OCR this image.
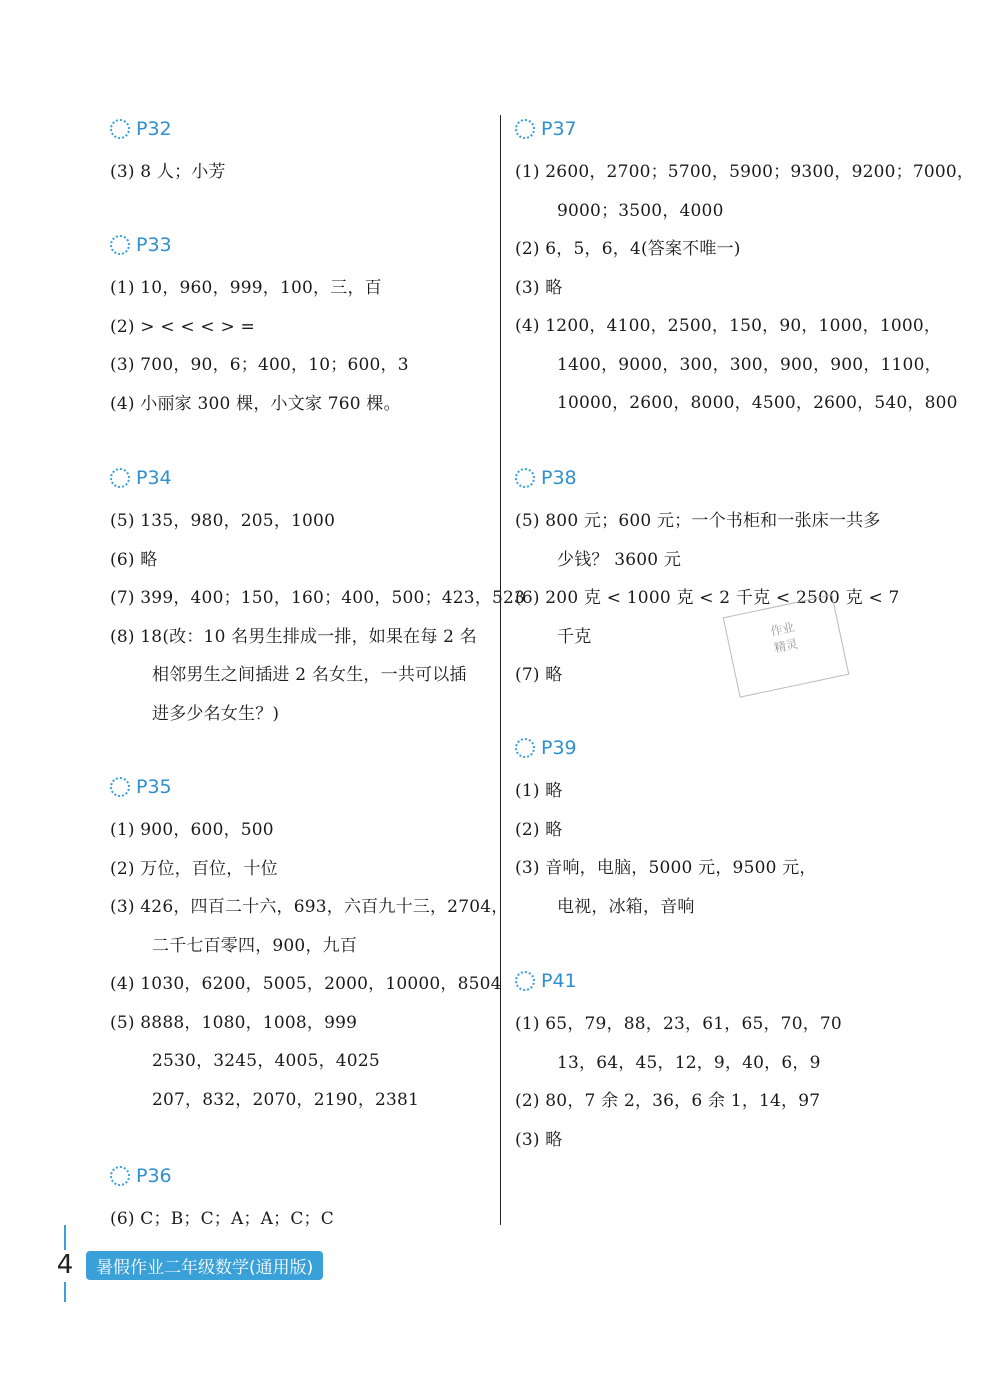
P32
(3) 8 人；小芳
P33
(1) 10，960，999，100，三，百
(2) > < < < > =
(3) 700，90，6；400，10；600，3
(4) 小丽家 300 棵，小文家 760 棵。
P34
(5) 135，980，205，1000
(6) 略
(7) 399，400；150，160；400，500；423，523
(8) 18(改：10 名男生排成一排，如果在每 2 名
相邻男生之间插进 2 名女生，一共可以插
进多少名女生？)
P35
(1) 900，600，500
(2) 万位，百位，十位
(3) 426，四百二十六，693，六百九十三，2704，
二千七百零四，900，九百
(4) 1030，6200，5005，2000，10000，8504
(5) 8888，1080，1008，999
2530，3245，4005，4025
207，832，2070，2190，2381
P36
(6) C；B；C；A；A；C；C
P37
(1) 2600，2700；5700，5900；9300，9200；7000，
9000；3500，4000
(2) 6，5，6，4(答案不唯一)
(3) 略
(4) 1200，4100，2500，150，90，1000，1000，
1400，9000，300，300，900，900，1100，
10000，2600，8000，4500，2600，540，800
P38
(5) 800 元；600 元；一个书柜和一张床一共多
少钱？ 3600 元
(6) 200 克 < 1000 克 < 2 千克 < 2500 克 < 7
千克
(7) 略
P39
(1) 略
(2) 略
(3) 音响，电脑，5000 元，9500 元，
电视，冰箱，音响
P41
(1) 65，79，88，23，61，65，70，70
13，64，45，12，9，40，6，9
(2) 80，7 余 2，36，6 余 1，14，97
(3) 略
作业
精灵
4	暑假作业二年级数学(通用版)
